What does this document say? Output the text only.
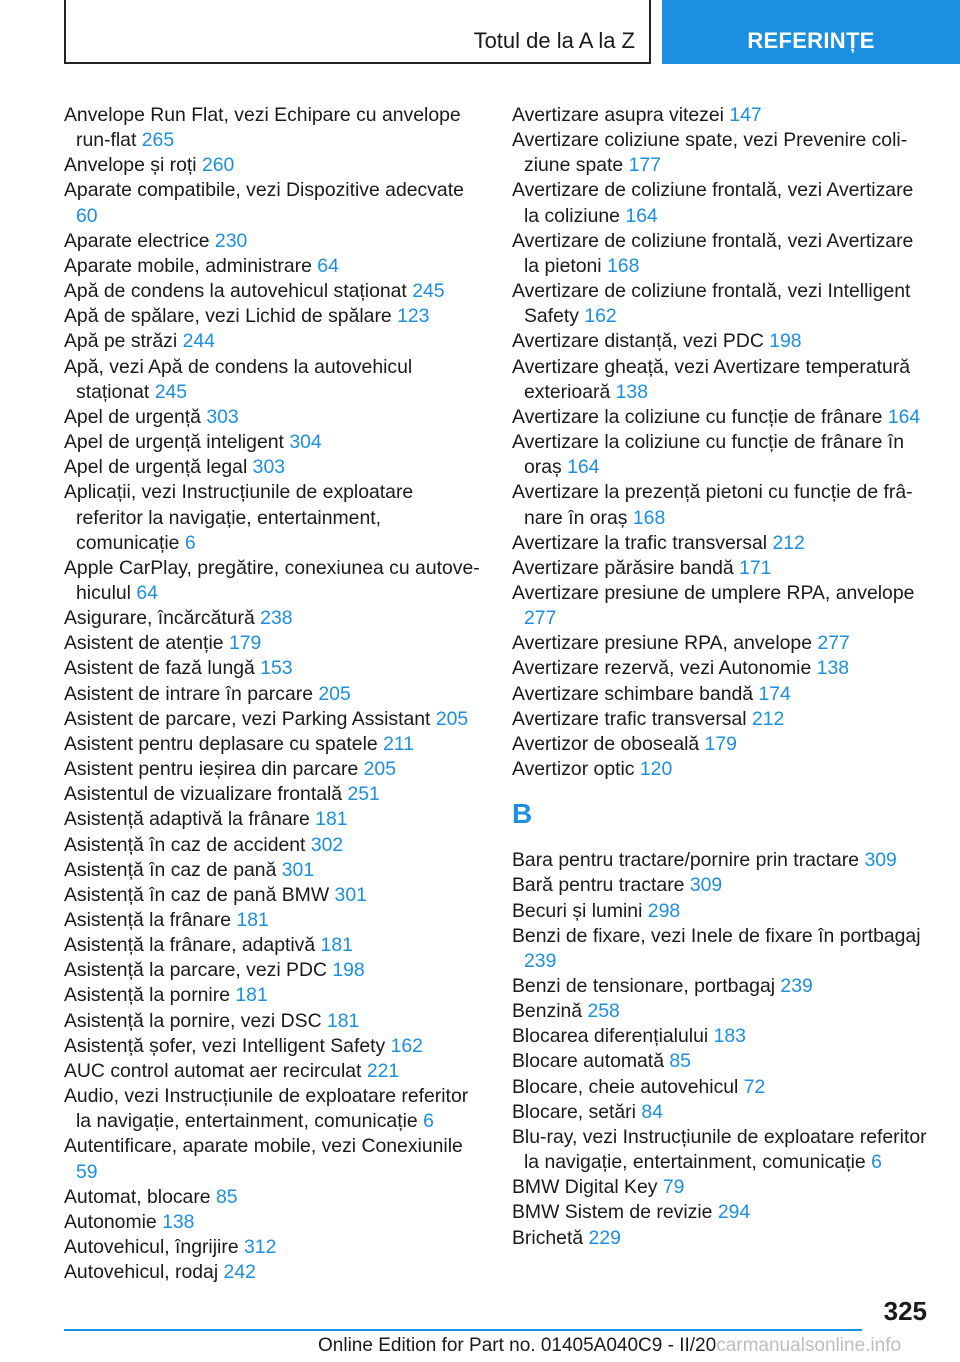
Totul de la A la Z	REFERINȚE
Anvelope Run Flat, vezi Echipare cu anvelope run-flat 265
Anvelope și roți 260
Aparate compatibile, vezi Dispozitive adecvate 60
Aparate electrice 230
Aparate mobile, administrare 64
Apă de condens la autovehicul staționat 245
Apă de spălare, vezi Lichid de spălare 123
Apă pe străzi 244
Apă, vezi Apă de condens la autovehicul staționat 245
Apel de urgență 303
Apel de urgență inteligent 304
Apel de urgență legal 303
Aplicații, vezi Instrucțiunile de exploatare referitor la navigație, entertainment, comunicație 6
Apple CarPlay, pregătire, conexiunea cu autovehiculul 64
Asigurare, încărcătură 238
Asistent de atenție 179
Asistent de fază lungă 153
Asistent de intrare în parcare 205
Asistent de parcare, vezi Parking Assistant 205
Asistent pentru deplasare cu spatele 211
Asistent pentru ieșirea din parcare 205
Asistentul de vizualizare frontală 251
Asistență adaptivă la frânare 181
Asistență în caz de accident 302
Asistență în caz de pană 301
Asistență în caz de pană BMW 301
Asistență la frânare 181
Asistență la frânare, adaptivă 181
Asistență la parcare, vezi PDC 198
Asistență la pornire 181
Asistență la pornire, vezi DSC 181
Asistență șofer, vezi Intelligent Safety 162
AUC control automat aer recirculat 221
Audio, vezi Instrucțiunile de exploatare referitor la navigație, entertainment, comunicație 6
Autentificare, aparate mobile, vezi Conexiunile 59
Automat, blocare 85
Autonomie 138
Autovehicul, îngrijire 312
Autovehicul, rodaj 242
Avertizare asupra vitezei 147
Avertizare coliziune spate, vezi Prevenire coliziune spate 177
Avertizare de coliziune frontală, vezi Avertizare la coliziune 164
Avertizare de coliziune frontală, vezi Avertizare la pietoni 168
Avertizare de coliziune frontală, vezi Intelligent Safety 162
Avertizare distanță, vezi PDC 198
Avertizare gheață, vezi Avertizare temperatură exterioară 138
Avertizare la coliziune cu funcție de frânare 164
Avertizare la coliziune cu funcție de frânare în oraș 164
Avertizare la prezență pietoni cu funcție de frânare în oraș 168
Avertizare la trafic transversal 212
Avertizare părăsire bandă 171
Avertizare presiune de umplere RPA, anvelope 277
Avertizare presiune RPA, anvelope 277
Avertizare rezervă, vezi Autonomie 138
Avertizare schimbare bandă 174
Avertizare trafic transversal 212
Avertizor de oboseală 179
Avertizor optic 120
B
Bara pentru tractare/pornire prin tractare 309
Bară pentru tractare 309
Becuri și lumini 298
Benzi de fixare, vezi Inele de fixare în portbagaj 239
Benzi de tensionare, portbagaj 239
Benzină 258
Blocarea diferențialului 183
Blocare automată 85
Blocare, cheie autovehicul 72
Blocare, setări 84
Blu-ray, vezi Instrucțiunile de exploatare referitor la navigație, entertainment, comunicație 6
BMW Digital Key 79
BMW Sistem de revizie 294
Brichetă 229
325
Online Edition for Part no. 01405A040C9 - II/20carmanualsonline.info
